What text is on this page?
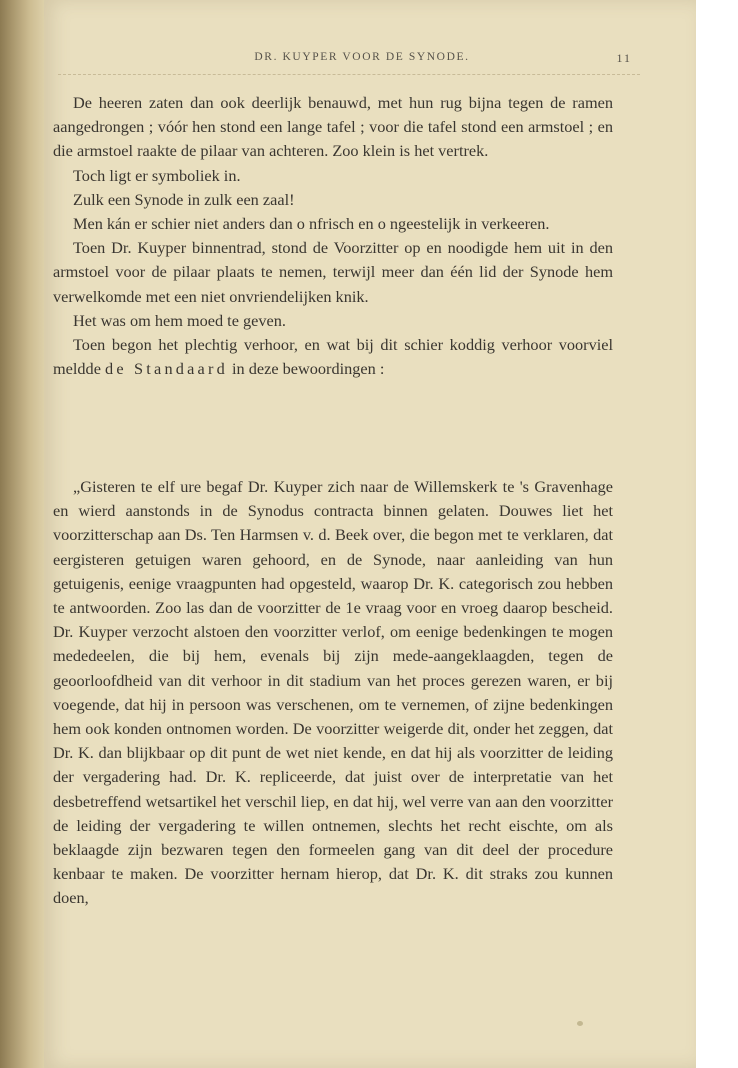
DR. KUYPER VOOR DE SYNODE.	11

De heeren zaten dan ook deerlijk benauwd, met hun rug bijna tegen de ramen aangedrongen ; vóór hen stond een lange tafel ; voor die tafel stond een armstoel ; en die armstoel raakte de pilaar van achteren. Zoo klein is het vertrek.

Toch ligt er symboliek in.

Zulk een Synode in zulk een zaal!

Men kán er schier niet anders dan o nfrisch en o ngeestelijk in verkeeren.

Toen Dr. Kuyper binnentrad, stond de Voorzitter op en noodigde hem uit in den armstoel voor de pilaar plaats te nemen, terwijl meer dan één lid der Synode hem verwelkomde met een niet onvriendelijken knik.

Het was om hem moed te geven.

Toen begon het plechtig verhoor, en wat bij dit schier koddig verhoor voorviel meldde de Standaard in deze bewoordingen :

„Gisteren te elf ure begaf Dr. Kuyper zich naar de Willemskerk te 's Gravenhage en wierd aanstonds in de Synodus contracta binnen gelaten. Douwes liet het voorzitterschap aan Ds. Ten Harmsen v. d. Beek over, die begon met te verklaren, dat eergisteren getuigen waren gehoord, en de Synode, naar aanleiding van hun getuigenis, eenige vraagpunten had opgesteld, waarop Dr. K. categorisch zou hebben te antwoorden. Zoo las dan de voorzitter de 1e vraag voor en vroeg daarop bescheid. Dr. Kuyper verzocht alstoen den voorzitter verlof, om eenige bedenkingen te mogen mededeelen, die bij hem, evenals bij zijn mede-aangeklaagden, tegen de geoorloofdheid van dit verhoor in dit stadium van het proces gerezen waren, er bij voegende, dat hij in persoon was verschenen, om te vernemen, of zijne bedenkingen hem ook konden ontnomen worden. De voorzitter weigerde dit, onder het zeggen, dat Dr. K. dan blijkbaar op dit punt de wet niet kende, en dat hij als voorzitter de leiding der vergadering had. Dr. K. repliceerde, dat juist over de interpretatie van het desbetreffend wetsartikel het verschil liep, en dat hij, wel verre van aan den voorzitter de leiding der vergadering te willen ontnemen, slechts het recht eischte, om als beklaagde zijn bezwaren tegen den formeelen gang van dit deel der procedure kenbaar te maken. De voorzitter hernam hierop, dat Dr. K. dit straks zou kunnen doen,
